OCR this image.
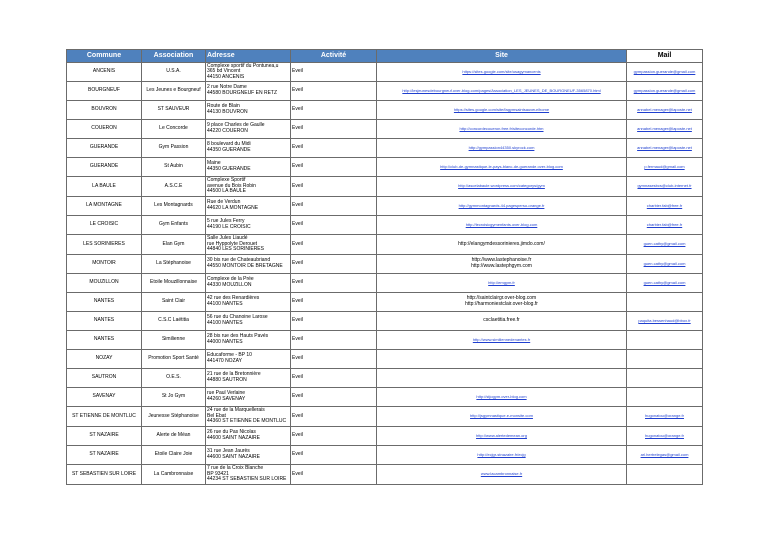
Commune	Association	Adresse	Activité	Site	Mail
ANCENIS	U.S.A.	Complexe sportif du Pontunea,u
365 bd Vincent
44150 ANCENIS	Eveil	https://sites.google.com/site/usagymancenis	gympassion.guerande@gmail.com
BOURGNEUF	Les Jeunes e Bourgneuf	2 rue Notre Dame
44580 BOURGNEUF EN RETZ	Eveil	http://lesjeunesdebourgneuf.over-blog.com/pages/Association_LES_JEUNES_DE_BOURGNEUF-3565870.html	gympassion.guerande@gmail.com
BOUVRON	ST SAUVEUR	Route de Blain
44130 BOUVRON	Eveil	https://sites.google.com/site/fagymsaintsauveur/home	annabel.menager@laposte.net
COUERON	Le Concorde	9 place Charles de Gaulle
44220 COUERON	Eveil	http://concordecoueron.free.fr/siteconcorde.htm	annabel.menager@laposte.net
GUERANDE	Gym Passion	8 boulevard du Midi
44350 GUERANDE	Eveil	http://gympassion44350.skyrock.com	annabel.menager@laposte.net
GUERANDE	St Aubin	Maine
44350 GUERANDE	Eveil	http://club-de-gymnastique-le-pays-blanc-de-guerande.over-blog.com	p.fermaud@gmail.com
LA BAULE	A.S.C.E	Complexe Sportif
avenue du Bois Robin
44500 LA BAULE	Eveil	http://ascelabaule.wordpress.com/categorys/gym	gymnasesbcs@club-internet.fr
LA MONTAGNE	Les Montagnards	Rue de Verdun
44620 LA MONTAGNE	Eveil	http://gymmontagnards.44.pagesperso-orange.fr	charbier.fab@free.fr
LE CROISIC	Gym Enfants	5 rue Jules Ferry
44190 LE CROISIC	Eveil	http://lecroisicgymenfants.over-blog.com	charbier.fab@free.fr
LES SORINIERES	Elan Gym	Salle Jules Liaudé
rue Hyppolyte Derouet
44840 LES SORINIERES	Eveil	http://elangymdessorinieres.jimdo.com/	guen.cathy@gmail.com
MONTOIR	La Stéphanoise	30 bis rue de Chateaubriand
44550 MONTOIR DE BRETAGNE	Eveil	http://www.lastephanoise.fr
http://www.lastephgym.com	guen.cathy@gmail.com
MOUZILLON	Etoile Mouzillonnaise	Complexe de la Prée
44330 MOUZILLON	Eveil	http://emgym.fr	guen.cathy@gmail.com
NANTES	Saint Clair	42 rue des Renardières
44100 NANTES	Eveil	http://saintclairgr.over-blog.com
http://harmoniestclair.over-blog.fr	

NANTES	C.S.C Laëtitia	56 rue du Chanoine Larose
44100 NANTES	Eveil	csclaetitia.free.fr	paquita.bessenhaud@bbox.fr
NANTES	Similienne	28 bis rue des Hauts Pavés
44000 NANTES	Eveil	http://www.similiennedenantes.fr	

NOZAY	Promotion Sport Santé	Educaforme - BP 10
441470 NOZAY	Eveil		
SAUTRON	O.E.S.	21 rue de la Bretonnière
44880 SAUTRON	Eveil		
SAVENAY	St Jo Gym	rue Paul Verlaine
44260 SAVENAY	Eveil	http://stjogym.over-blog.com	

ST ETIENNE DE MONTLUC	Jeunesse Stéphanoise	24 rue de la Marquellerais
Bel Ebat
44360 ST ETIENNE DE MONTLUC	Eveil	http://jsgymnastique.e-monsite.com	hugonatou@orange.fr
ST NAZAIRE	Alerte de Méan	26 rue du Pas Nicolas
44600 SAINT NAZAIRE	Eveil	http://www.alertedemean.org	hugonatou@orange.fr
ST NAZAIRE	Etoile Claire Joie	31 rue Jean Jaurès
44600 SAINT NAZAIRE	Eveil	http://ecjgr-stnazaire.fr/ecjg	arl.hertrelegas@gmail.com
ST SEBASTIEN SUR LOIRE	La Cambronnaise	7 rue de la Croix Blanche
BP 93421
44234 ST SEBASTIEN SUR LOIRE	Eveil	www.lacambronnaise.fr	
